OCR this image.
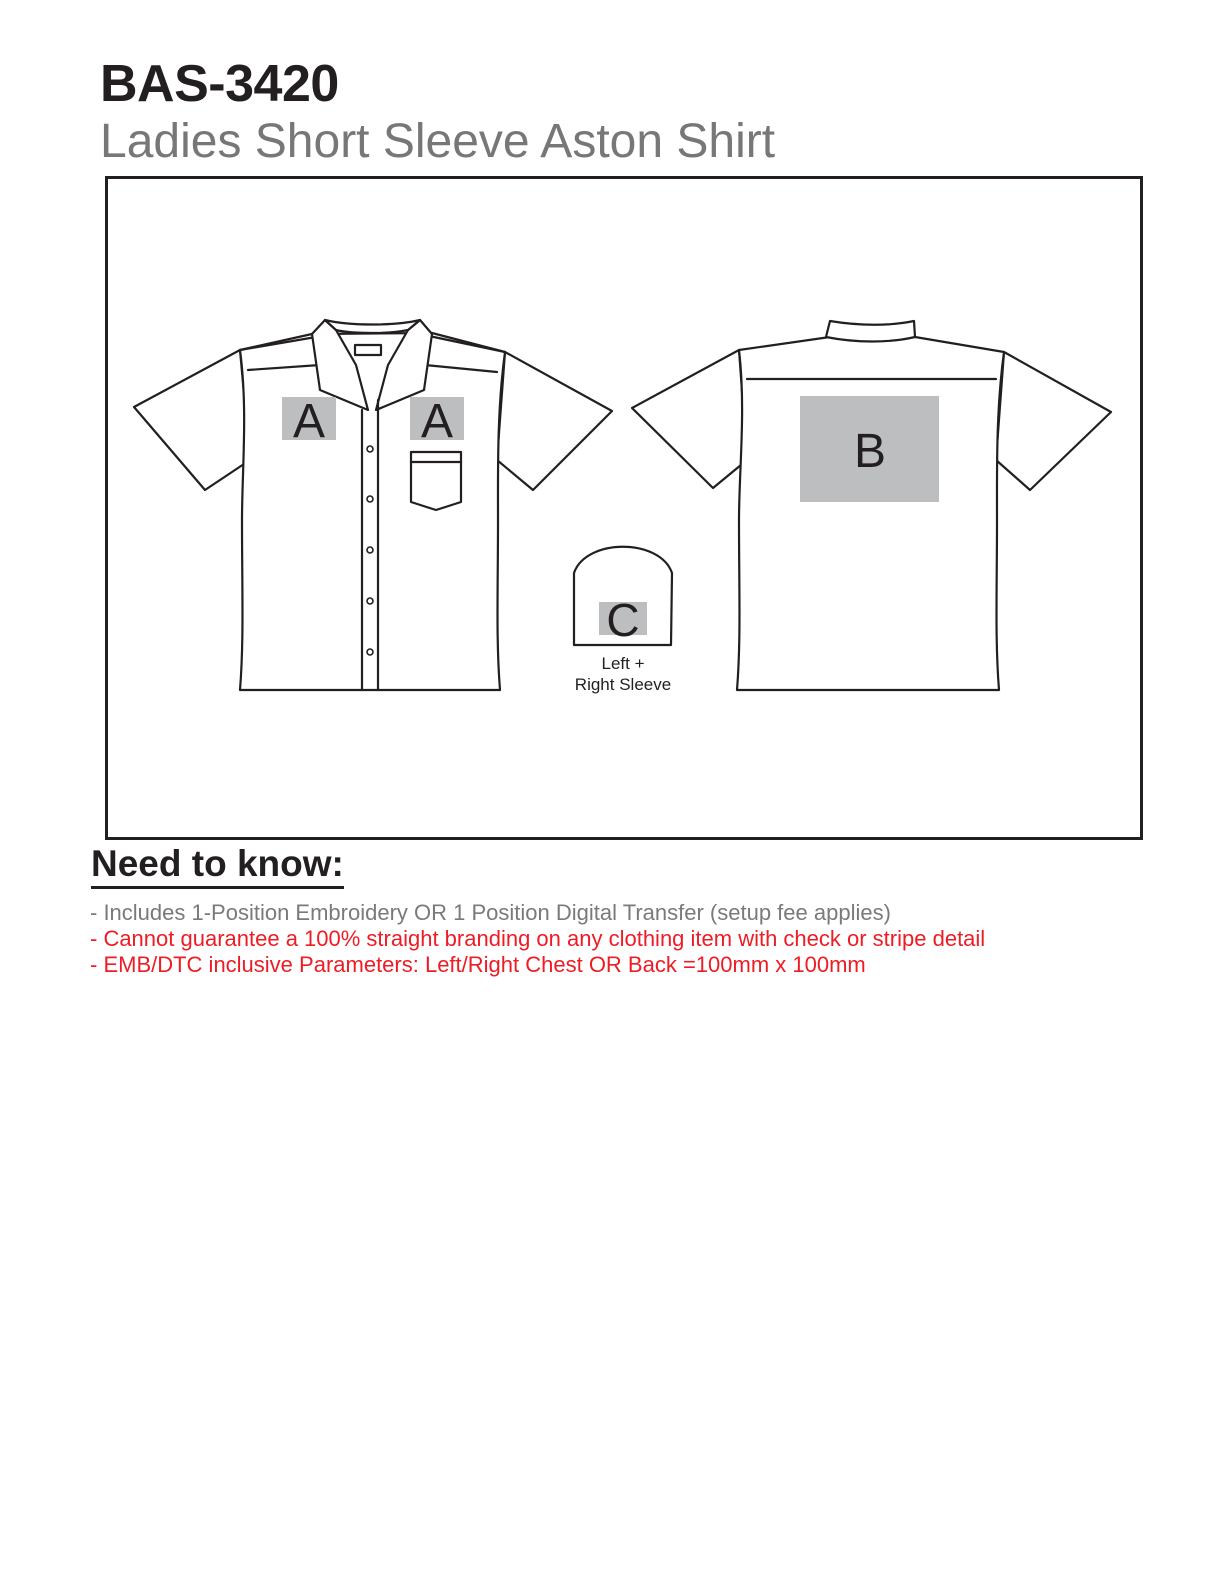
BAS-3420
Ladies Short Sleeve Aston Shirt
A A
B
C
Left +
Right Sleeve
Need to know:
- Includes 1-Position Embroidery OR 1 Position Digital Transfer (setup fee applies)
- Cannot guarantee a 100% straight branding on any clothing item with check or stripe detail
- EMB/DTC inclusive Parameters: Left/Right Chest OR Back =100mm x 100mm
